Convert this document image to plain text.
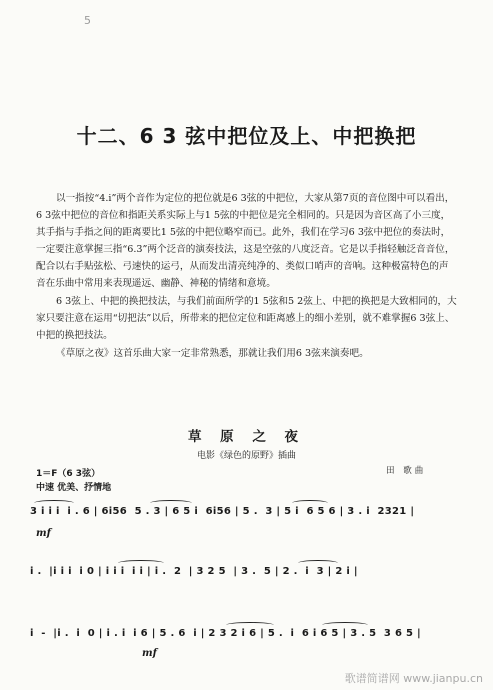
5
十二、6 3 弦中把位及上、中把换把

以一指按“4.i”两个音作为定位的把位就是6 3弦的中把位，大家从第7页的音位图中可以看出，6 3弦中把位的音位和指距关系实际上与1 5弦的中把位是完全相同的。只是因为音区高了小三度，其手指与手指之间的距离要比1 5弦的中把位略窄而已。此外，我们在学习6 3弦中把位的奏法时，一定要注意掌握三指“6.3”两个泛音的演奏技法，这是空弦的八度泛音。它是以手指轻触泛音音位，配合以右手贴弦松、弓速快的运弓，从而发出清亮纯净的、类似口哨声的音响。这种极富特色的声音在乐曲中常用来表现遥远、幽静、神秘的情绪和意境。

6 3弦上、中把的换把技法，与我们前面所学的1 5弦和5 2弦上、中把的换把是大致相同的，大家只要注意在运用“切把法”以后，所带来的把位定位和距离感上的细小差别，就不难掌握6 3弦上、中把的换把技法。

《草原之夜》这首乐曲大家一定非常熟悉，那就让我们用6 3弦来演奏吧。

草 原 之 夜
电影《绿色的原野》插曲
田 歌曲
1＝F（6 3弦）
中速 优美、抒情地
3 i i i  i . 6 | 6i56  5 . 3 | 6 5 i  6i56 | 5 .  3 | 5 i  6 5 6 | 3 . i  2321 |
mf
i .  |i i i  i 0 | i i i  i i | i .  2  | 3 2 5  | 3 .  5 | 2 .  i  3 | 2 i |
i  -  |i .  i  0 | i . i  i 6 | 5 . 6  i | 2 3 2 i 6 | 5 .  i  6 i 6 5 | 3 . 5  3 6 5 |
mf
歌谱简谱网 www.jianpu.cn
